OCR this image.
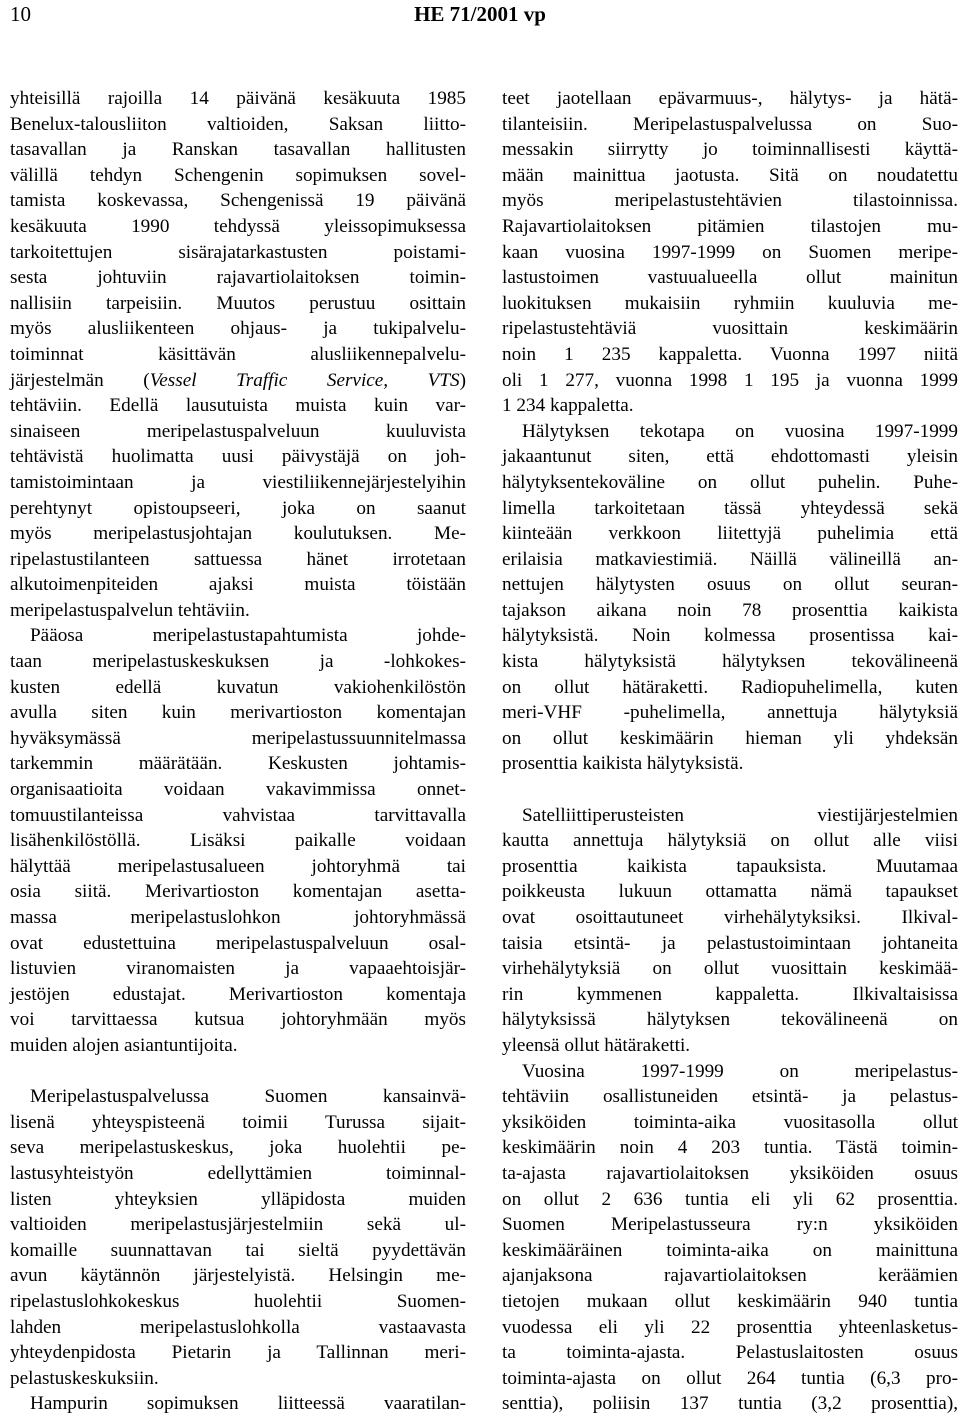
10	HE 71/2001 vp
yhteisillä rajoilla 14 päivänä kesäkuuta 1985
Benelux-talousliiton valtioiden, Saksan liitto-
tasavallan ja Ranskan tasavallan hallitusten
välillä tehdyn Schengenin sopimuksen sovel-
tamista koskevassa, Schengenissä 19 päivänä
kesäkuuta 1990 tehdyssä yleissopimuksessa
tarkoitettujen sisärajatarkastusten poistami-
sesta johtuviin rajavartiolaitoksen toimin-
nallisiin tarpeisiin. Muutos perustuu osittain
myös alusliikenteen ohjaus- ja tukipalvelu-
toiminnat käsittävän alusliikennepalvelu-
järjestelmän (Vessel Traffic Service, VTS)
tehtäviin. Edellä lausutuista muista kuin var-
sinaiseen meripelastuspalveluun kuuluvista
tehtävistä huolimatta uusi päivystäjä on joh-
tamistoimintaan ja viestiliikennejärjestelyihin
perehtynyt opistoupseeri, joka on saanut
myös meripelastusjohtajan koulutuksen. Me-
ripelastustilanteen sattuessa hänet irrotetaan
alkutoimenpiteiden ajaksi muista töistään
meripelastuspalvelun tehtäviin.
Pääosa meripelastustapahtumista johde-
taan meripelastuskeskuksen ja -lohkokes-
kusten edellä kuvatun vakiohenkilöstön
avulla siten kuin merivartioston komentajan
hyväksymässä meripelastussuunnitelmassa
tarkemmin määrätään. Keskusten johtamis-
organisaatioita voidaan vakavimmissa onnet-
tomuustilanteissa vahvistaa tarvittavalla
lisähenkilöstöllä. Lisäksi paikalle voidaan
hälyttää meripelastusalueen johtoryhmä tai
osia siitä. Merivartioston komentajan asetta-
massa meripelastuslohkon johtoryhmässä
ovat edustettuina meripelastuspalveluun osal-
listuvien viranomaisten ja vapaaehtoisjär-
jestöjen edustajat. Merivartioston komentaja
voi tarvittaessa kutsua johtoryhmään myös
muiden alojen asiantuntijoita.
Meripelastuspalvelussa Suomen kansainvä-
lisenä yhteyspisteenä toimii Turussa sijait-
seva meripelastuskeskus, joka huolehtii pe-
lastusyhteistyön edellyttämien toiminnal-
listen yhteyksien ylläpidosta muiden
valtioiden meripelastusjärjestelmiin sekä ul-
komaille suunnattavan tai sieltä pyydettävän
avun käytännön järjestelyistä. Helsingin me-
ripelastuslohkokeskus huolehtii Suomen-
lahden meripelastuslohkolla vastaavasta
yhteydenpidosta Pietarin ja Tallinnan meri-
pelastuskeskuksiin.
Hampurin sopimuksen liitteessä vaaratilan-
teet jaotellaan epävarmuus-, hälytys- ja hätä-
tilanteisiin. Meripelastuspalvelussa on Suo-
messakin siirrytty jo toiminnallisesti käyttä-
mään mainittua jaotusta. Sitä on noudatettu
myös meripelastustehtävien tilastoinnissa.
Rajavartiolaitoksen pitämien tilastojen mu-
kaan vuosina 1997-1999 on Suomen meripe-
lastustoimen vastuualueella ollut mainitun
luokituksen mukaisiin ryhmiin kuuluvia me-
ripelastustehtäviä vuosittain keskimäärin
noin 1 235 kappaletta. Vuonna 1997 niitä
oli 1 277, vuonna 1998 1 195 ja vuonna 1999
1 234 kappaletta.
Hälytyksen tekotapa on vuosina 1997-1999
jakaantunut siten, että ehdottomasti yleisin
hälytyksentekoväline on ollut puhelin. Puhe-
limella tarkoitetaan tässä yhteydessä sekä
kiinteään verkkoon liitettyjä puhelimia että
erilaisia matkaviestimiä. Näillä välineillä an-
nettujen hälytysten osuus on ollut seuran-
tajakson aikana noin 78 prosenttia kaikista
hälytyksistä. Noin kolmessa prosentissa kai-
kista hälytyksistä hälytyksen tekovälineenä
on ollut hätäraketti. Radiopuhelimella, kuten
meri-VHF -puhelimella, annettuja hälytyksiä
on ollut keskimäärin hieman yli yhdeksän
prosenttia kaikista hälytyksistä.
Satelliittiperusteisten viestijärjestelmien
kautta annettuja hälytyksiä on ollut alle viisi
prosenttia kaikista tapauksista. Muutamaa
poikkeusta lukuun ottamatta nämä tapaukset
ovat osoittautuneet virhehälytyksiksi. Ilkival-
taisia etsintä- ja pelastustoimintaan johtaneita
virhehälytyksiä on ollut vuosittain keskimää-
rin kymmenen kappaletta. Ilkivaltaisissa
hälytyksissä hälytyksen tekovälineenä on
yleensä ollut hätäraketti.
Vuosina 1997-1999 on meripelastus-
tehtäviin osallistuneiden etsintä- ja pelastus-
yksiköiden toiminta-aika vuositasolla ollut
keskimäärin noin 4 203 tuntia. Tästä toimin-
ta-ajasta rajavartiolaitoksen yksiköiden osuus
on ollut 2 636 tuntia eli yli 62 prosenttia.
Suomen Meripelastusseura ry:n yksiköiden
keskimääräinen toiminta-aika on mainittuna
ajanjaksona rajavartiolaitoksen keräämien
tietojen mukaan ollut keskimäärin 940 tuntia
vuodessa eli yli 22 prosenttia yhteenlasketus-
ta toiminta-ajasta. Pelastuslaitosten osuus
toiminta-ajasta on ollut 264 tuntia (6,3 pro-
senttia), poliisin 137 tuntia (3,2 prosenttia),
